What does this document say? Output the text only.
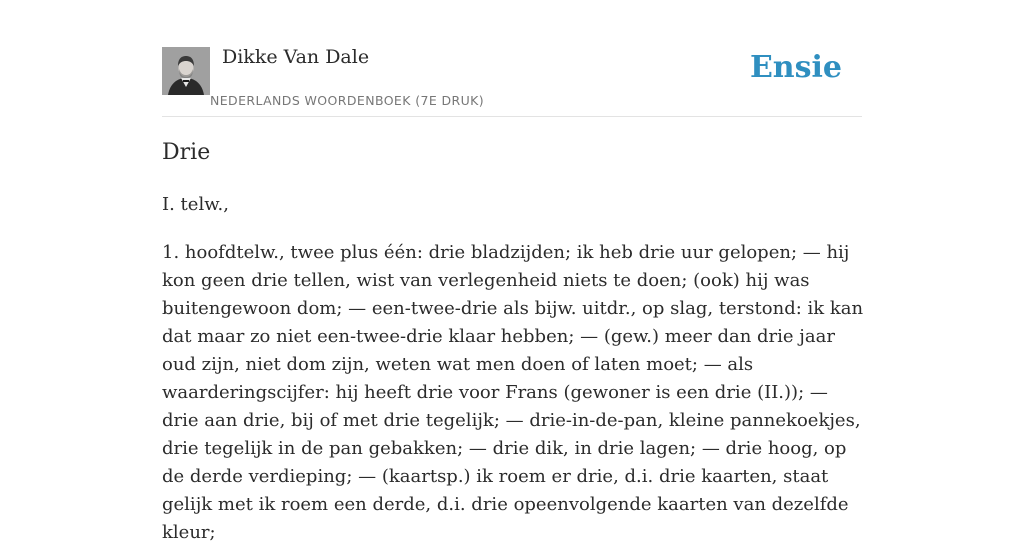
Dikke Van Dale
NEDERLANDS WOORDENBOEK (7E DRUK)
Ensie
Drie
I. telw.,

1. hoofdtelw., twee plus één: drie bladzijden; ik heb drie uur gelopen; — hij kon geen drie tellen, wist van verlegenheid niets te doen; (ook) hij was buitengewoon dom; — een-twee-drie als bijw. uitdr., op slag, terstond: ik kan dat maar zo niet een-twee-drie klaar hebben; — (gew.) meer dan drie jaar oud zijn, niet dom zijn, weten wat men doen of laten moet; — als waarderingscijfer: hij heeft drie voor Frans (gewoner is een drie (II.)); — drie aan drie, bij of met drie tegelijk; — drie-in-de-pan, kleine pannekoekjes, drie tegelijk in de pan gebakken; — drie dik, in drie lagen; — drie hoog, op de derde verdieping; — (kaartsp.) ik roem er drie, d.i. drie kaarten, staat gelijk met ik roem een derde, d.i. drie opeenvolgende kaarten van dezelfde kleur;
